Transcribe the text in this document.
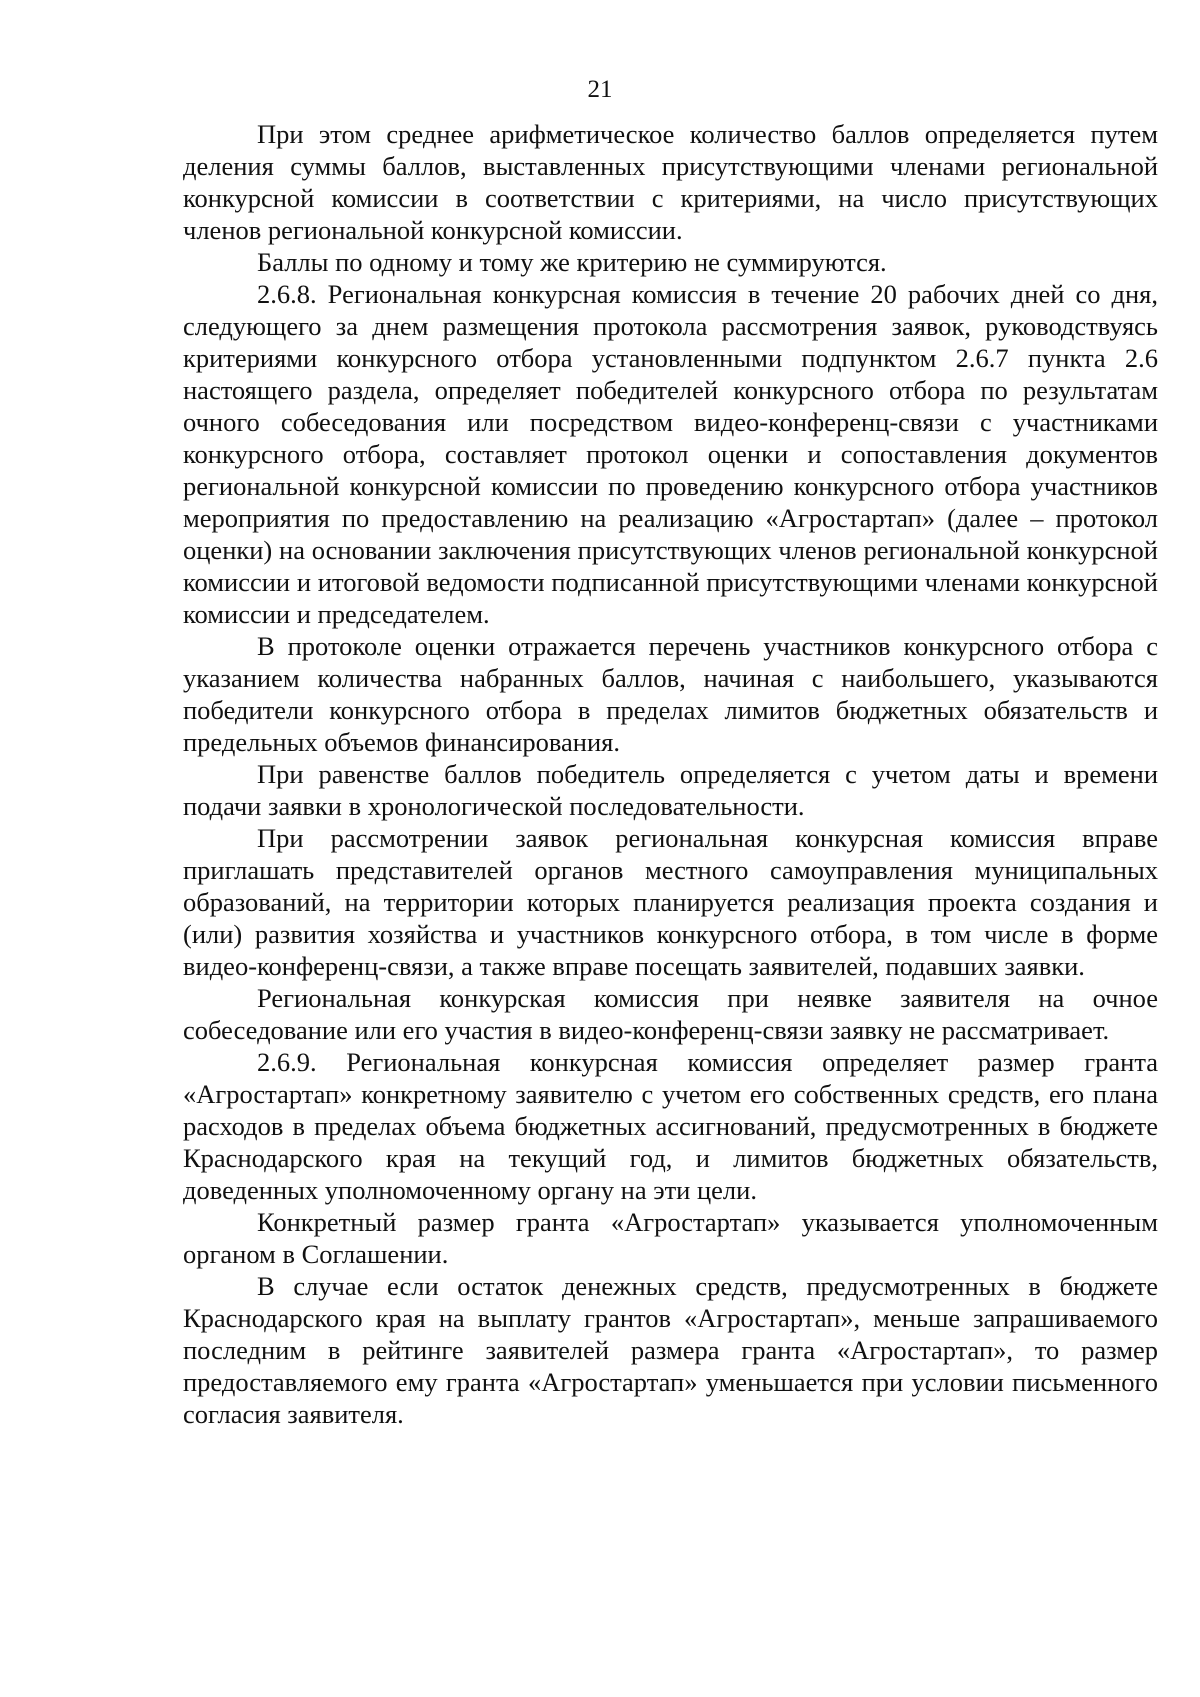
21

При этом среднее арифметическое количество баллов определяется путем деления суммы баллов, выставленных присутствующими членами региональной конкурсной комиссии в соответствии с критериями, на число присутствующих членов региональной конкурсной комиссии.

Баллы по одному и тому же критерию не суммируются.

2.6.8. Региональная конкурсная комиссия в течение 20 рабочих дней со дня, следующего за днем размещения протокола рассмотрения заявок, руководствуясь критериями конкурсного отбора установленными подпунктом 2.6.7 пункта 2.6 настоящего раздела, определяет победителей конкурсного отбора по результатам очного собеседования или посредством видео-конференц-связи с участниками конкурсного отбора, составляет протокол оценки и сопоставления документов региональной конкурсной комиссии по проведению конкурсного отбора участников мероприятия по предоставлению на реализацию «Агростартап» (далее – протокол оценки) на основании заключения присутствующих членов региональной конкурсной комиссии и итоговой ведомости подписанной присутствующими членами конкурсной комиссии и председателем.

В протоколе оценки отражается перечень участников конкурсного отбора с указанием количества набранных баллов, начиная с наибольшего, указываются победители конкурсного отбора в пределах лимитов бюджетных обязательств и предельных объемов финансирования.

При равенстве баллов победитель определяется с учетом даты и времени подачи заявки в хронологической последовательности.

При рассмотрении заявок региональная конкурсная комиссия вправе приглашать представителей органов местного самоуправления муниципальных образований, на территории которых планируется реализация проекта создания и (или) развития хозяйства и участников конкурсного отбора, в том числе в форме видео-конференц-связи, а также вправе посещать заявителей, подавших заявки.

Региональная конкурская комиссия при неявке заявителя на очное собеседование или его участия в видео-конференц-связи заявку не рассматривает.

2.6.9. Региональная конкурсная комиссия определяет размер гранта «Агростартап» конкретному заявителю с учетом его собственных средств, его плана расходов в пределах объема бюджетных ассигнований, предусмотренных в бюджете Краснодарского края на текущий год, и лимитов бюджетных обязательств, доведенных уполномоченному органу на эти цели.

Конкретный размер гранта «Агростартап» указывается уполномоченным органом в Соглашении.

В случае если остаток денежных средств, предусмотренных в бюджете Краснодарского края на выплату грантов «Агростартап», меньше запрашиваемого последним в рейтинге заявителей размера гранта «Агростартап», то размер предоставляемого ему гранта «Агростартап» уменьшается при условии письменного согласия заявителя.
